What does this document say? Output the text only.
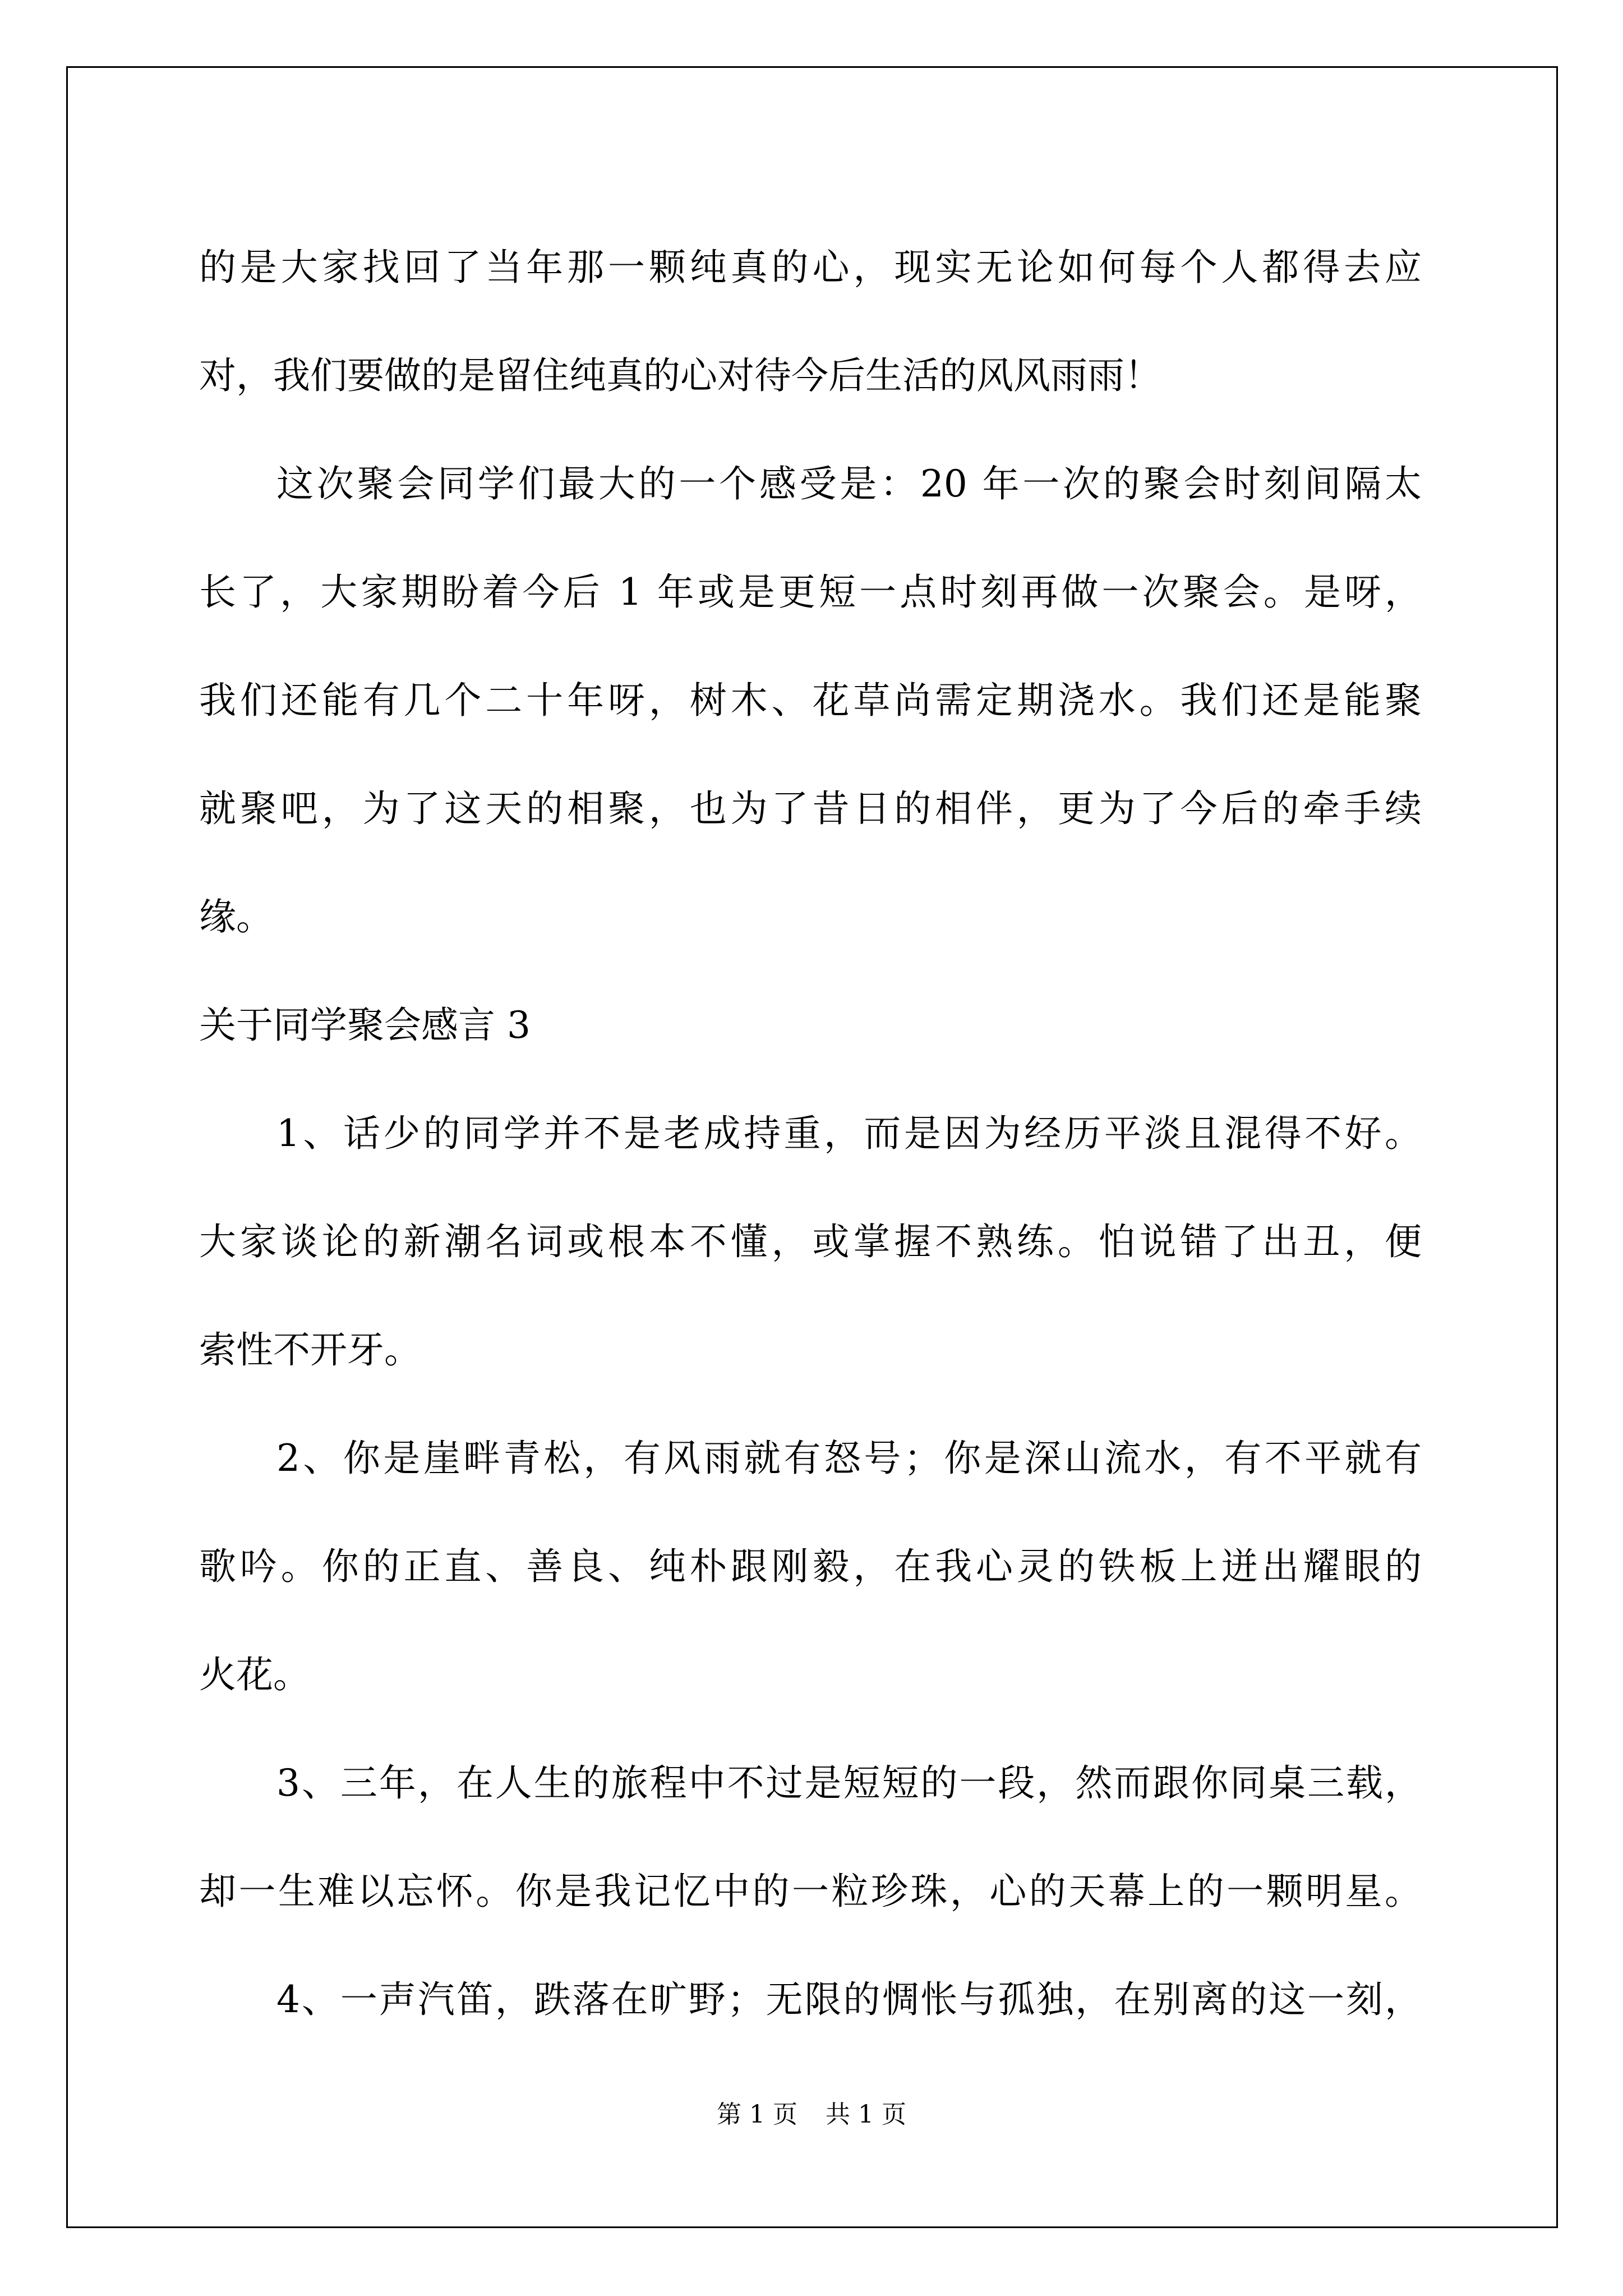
的是大家找回了当年那一颗纯真的心，现实无论如何每个人都得去应
对，我们要做的是留住纯真的心对待今后生活的风风雨雨！
这次聚会同学们最大的一个感受是：20 年一次的聚会时刻间隔太
长了，大家期盼着今后 1 年或是更短一点时刻再做一次聚会。是呀，
我们还能有几个二十年呀，树木、花草尚需定期浇水。我们还是能聚
就聚吧，为了这天的相聚，也为了昔日的相伴，更为了今后的牵手续
缘。
关于同学聚会感言 3
1、话少的同学并不是老成持重，而是因为经历平淡且混得不好。
大家谈论的新潮名词或根本不懂，或掌握不熟练。怕说错了出丑，便
索性不开牙。
2、你是崖畔青松，有风雨就有怒号；你是深山流水，有不平就有
歌吟。你的正直、善良、纯朴跟刚毅，在我心灵的铁板上迸出耀眼的
火花。
3、三年，在人生的旅程中不过是短短的一段，然而跟你同桌三载，
却一生难以忘怀。你是我记忆中的一粒珍珠，心的天幕上的一颗明星。
4、一声汽笛，跌落在旷野；无限的惆怅与孤独，在别离的这一刻，
第 1 页 共 1 页
